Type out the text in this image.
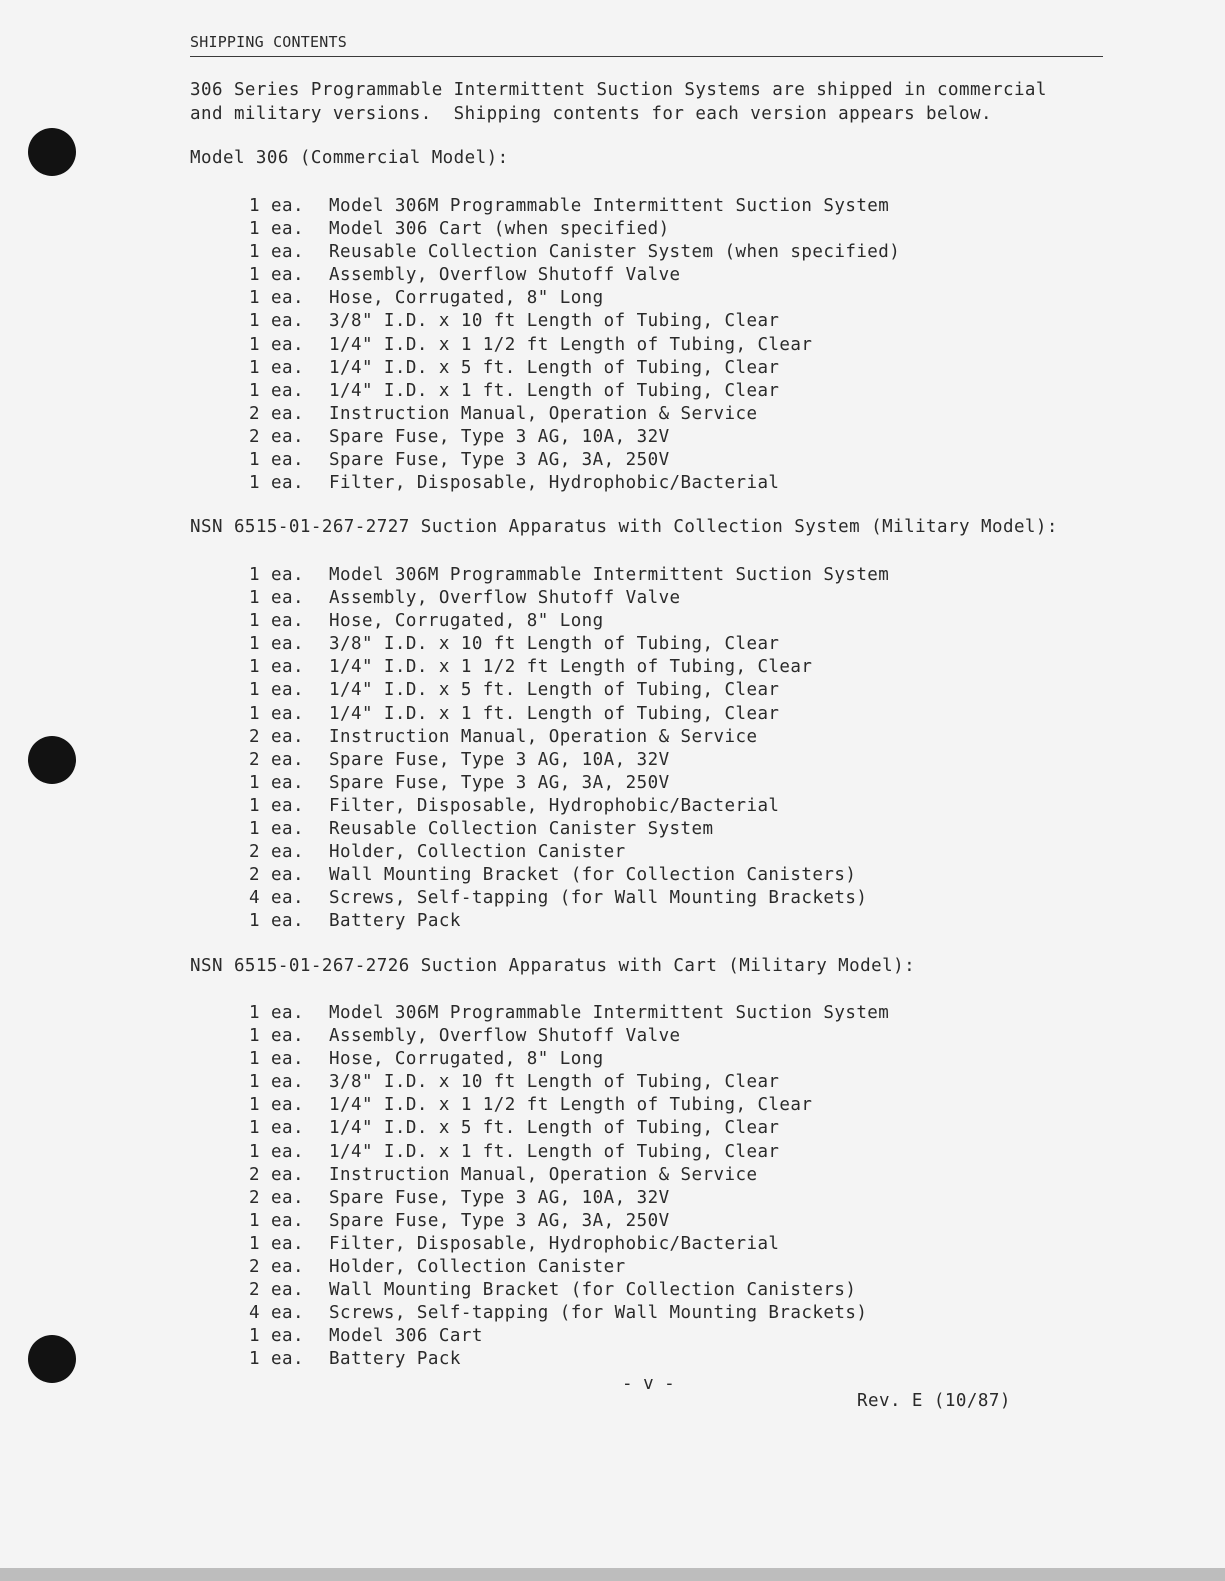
SHIPPING CONTENTS
306 Series Programmable Intermittent Suction Systems are shipped in commercial
and military versions.  Shipping contents for each version appears below.
Model 306 (Commercial Model):
1 ea.	Model 306M Programmable Intermittent Suction System
1 ea.	Model 306 Cart (when specified)
1 ea.	Reusable Collection Canister System (when specified)
1 ea.	Assembly, Overflow Shutoff Valve
1 ea.	Hose, Corrugated, 8" Long
1 ea.	3/8" I.D. x 10 ft Length of Tubing, Clear
1 ea.	1/4" I.D. x 1 1/2 ft Length of Tubing, Clear
1 ea.	1/4" I.D. x 5 ft. Length of Tubing, Clear
1 ea.	1/4" I.D. x 1 ft. Length of Tubing, Clear
2 ea.	Instruction Manual, Operation & Service
2 ea.	Spare Fuse, Type 3 AG, 10A, 32V
1 ea.	Spare Fuse, Type 3 AG, 3A, 250V
1 ea.	Filter, Disposable, Hydrophobic/Bacterial
NSN 6515-01-267-2727 Suction Apparatus with Collection System (Military Model):
1 ea.	Model 306M Programmable Intermittent Suction System
1 ea.	Assembly, Overflow Shutoff Valve
1 ea.	Hose, Corrugated, 8" Long
1 ea.	3/8" I.D. x 10 ft Length of Tubing, Clear
1 ea.	1/4" I.D. x 1 1/2 ft Length of Tubing, Clear
1 ea.	1/4" I.D. x 5 ft. Length of Tubing, Clear
1 ea.	1/4" I.D. x 1 ft. Length of Tubing, Clear
2 ea.	Instruction Manual, Operation & Service
2 ea.	Spare Fuse, Type 3 AG, 10A, 32V
1 ea.	Spare Fuse, Type 3 AG, 3A, 250V
1 ea.	Filter, Disposable, Hydrophobic/Bacterial
1 ea.	Reusable Collection Canister System
2 ea.	Holder, Collection Canister
2 ea.	Wall Mounting Bracket (for Collection Canisters)
4 ea.	Screws, Self-tapping (for Wall Mounting Brackets)
1 ea.	Battery Pack
NSN 6515-01-267-2726 Suction Apparatus with Cart (Military Model):
1 ea.	Model 306M Programmable Intermittent Suction System
1 ea.	Assembly, Overflow Shutoff Valve
1 ea.	Hose, Corrugated, 8" Long
1 ea.	3/8" I.D. x 10 ft Length of Tubing, Clear
1 ea.	1/4" I.D. x 1 1/2 ft Length of Tubing, Clear
1 ea.	1/4" I.D. x 5 ft. Length of Tubing, Clear
1 ea.	1/4" I.D. x 1 ft. Length of Tubing, Clear
2 ea.	Instruction Manual, Operation & Service
2 ea.	Spare Fuse, Type 3 AG, 10A, 32V
1 ea.	Spare Fuse, Type 3 AG, 3A, 250V
1 ea.	Filter, Disposable, Hydrophobic/Bacterial
2 ea.	Holder, Collection Canister
2 ea.	Wall Mounting Bracket (for Collection Canisters)
4 ea.	Screws, Self-tapping (for Wall Mounting Brackets)
1 ea.	Model 306 Cart
1 ea.	Battery Pack
- v -
Rev. E (10/87)
